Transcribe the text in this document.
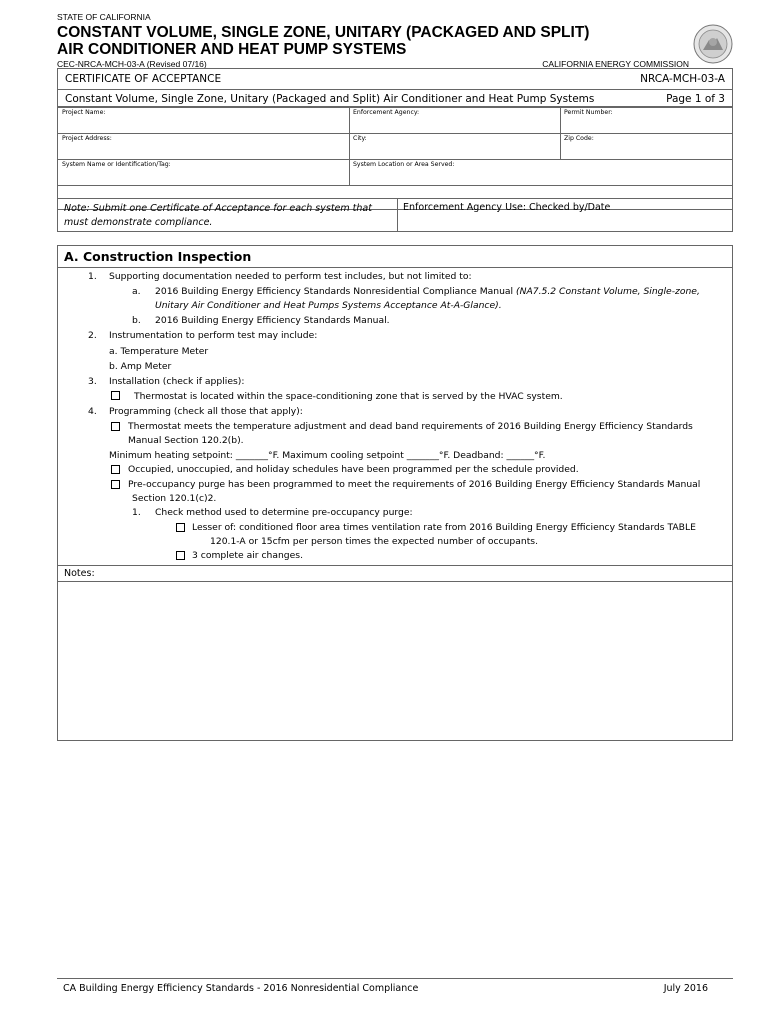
STATE OF CALIFORNIA
CONSTANT VOLUME, SINGLE ZONE, UNITARY (PACKAGED AND SPLIT)
AIR CONDITIONER AND HEAT PUMP SYSTEMS
CEC-NRCA-MCH-03-A (Revised 07/16)	CALIFORNIA ENERGY COMMISSION
CERTIFICATE OF ACCEPTANCE	NRCA-MCH-03-A
Constant Volume, Single Zone, Unitary (Packaged and Split) Air Conditioner and Heat Pump Systems	Page 1 of 3
Project Name:	Enforcement Agency:	Permit Number:
Project Address:	City:	Zip Code:
System Name or Identification/Tag:	System Location or Area Served:
Note: Submit one Certificate of Acceptance for each system that must demonstrate compliance.
Enforcement Agency Use: Checked by/Date
A. Construction Inspection
1. Supporting documentation needed to perform test includes, but not limited to:
a. 2016 Building Energy Efficiency Standards Nonresidential Compliance Manual (NA7.5.2 Constant Volume, Single-zone,
Unitary Air Conditioner and Heat Pumps Systems Acceptance At-A-Glance).
b. 2016 Building Energy Efficiency Standards Manual.
2. Instrumentation to perform test may include:
a. Temperature Meter
b. Amp Meter
3. Installation (check if applies):
Thermostat is located within the space-conditioning zone that is served by the HVAC system.
4. Programming (check all those that apply):
Thermostat meets the temperature adjustment and dead band requirements of 2016 Building Energy Efficiency Standards
Manual Section 120.2(b).
Minimum heating setpoint: _______°F. Maximum cooling setpoint _______°F. Deadband: ______°F.
Occupied, unoccupied, and holiday schedules have been programmed per the schedule provided.
Pre-occupancy purge has been programmed to meet the requirements of 2016 Building Energy Efficiency Standards Manual
Section 120.1(c)2.
1. Check method used to determine pre-occupancy purge:
Lesser of: conditioned floor area times ventilation rate from 2016 Building Energy Efficiency Standards TABLE
120.1-A or 15cfm per person times the expected number of occupants.
3 complete air changes.
Notes:
CA Building Energy Efficiency Standards - 2016 Nonresidential Compliance	July 2016
